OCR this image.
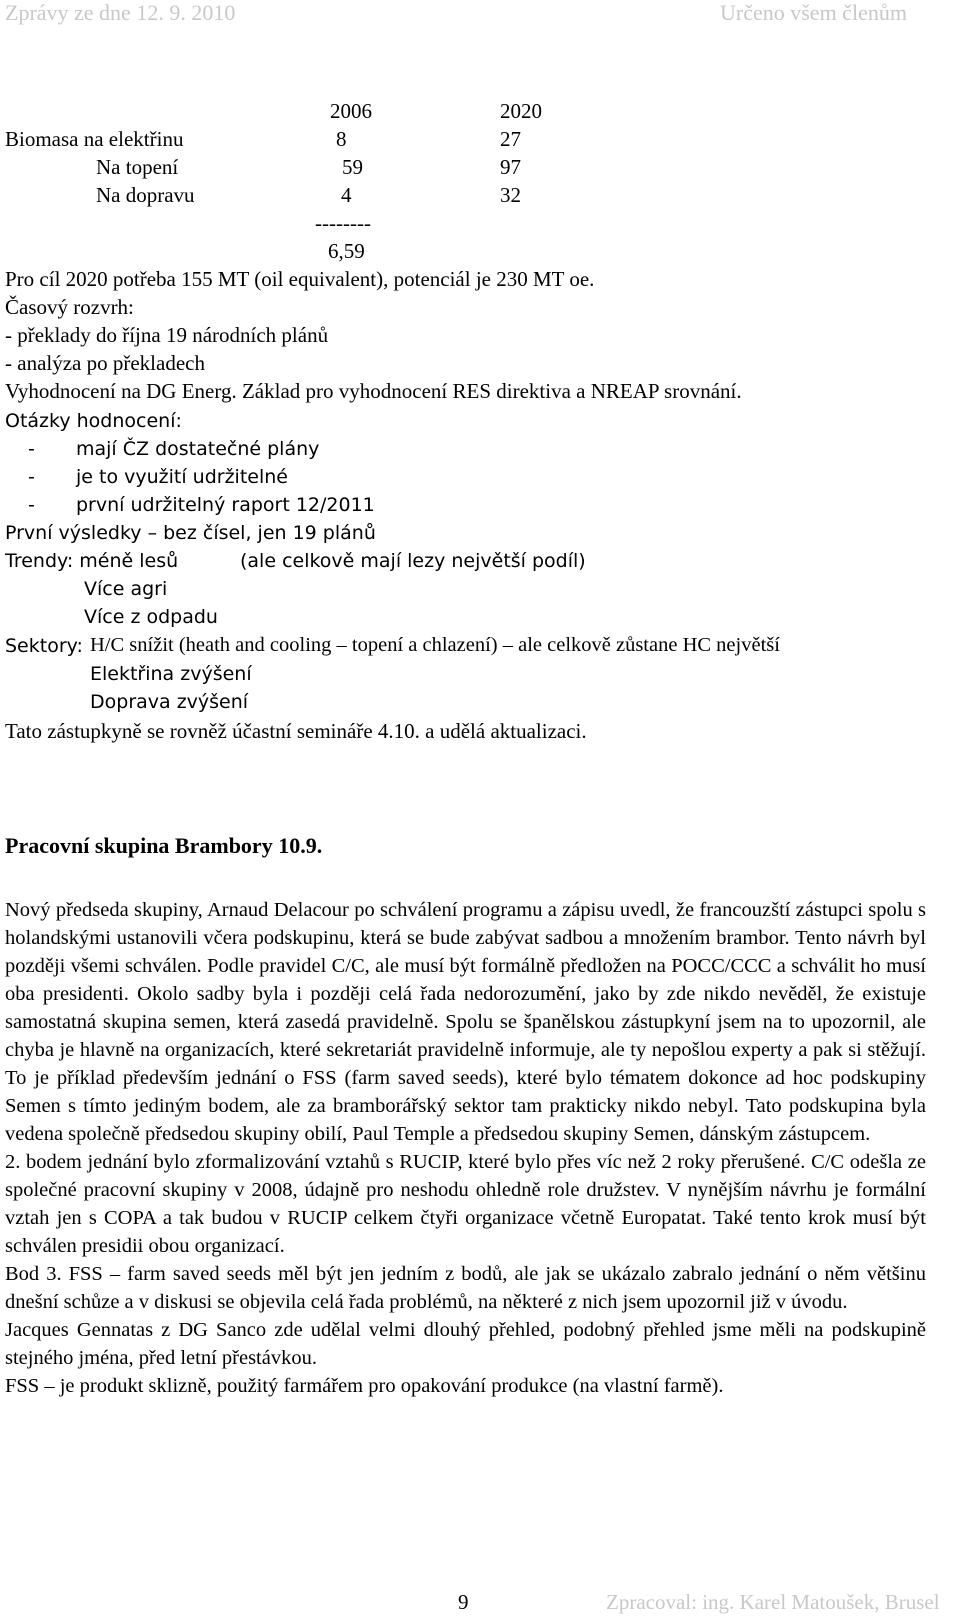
Zprávy ze dne 12. 9. 2010	Určeno všem členům
2006	2020
Biomasa na elektřinu	8	27
Na topení	59	97
Na dopravu	4	32
--------
6,59
Pro cíl 2020 potřeba 155 MT (oil equivalent), potenciál je 230 MT oe.
Časový rozvrh:
- překlady do října 19 národních plánů
- analýza po překladech
Vyhodnocení na DG Energ. Základ pro vyhodnocení RES direktiva a NREAP srovnání.
Otázky hodnocení:
- mají ČZ dostatečné plány
- je to využití udržitelné
- první udržitelný raport 12/2011
První výsledky – bez čísel, jen 19 plánů
Trendy: méně lesů	(ale celkově mají lezy největší podíl)
Více agri
Více z odpadu
Sektory: H/C snížit (heath and cooling – topení a chlazení) – ale celkově zůstane HC největší
Elektřina zvýšení
Doprava zvýšení
Tato zástupkyně se rovněž účastní semináře 4.10. a udělá aktualizaci.
Pracovní skupina Brambory 10.9.

Nový předseda skupiny, Arnaud Delacour po schválení programu a zápisu uvedl, že francouzští zástupci spolu s holandskými ustanovili včera podskupinu, která se bude zabývat sadbou a množením brambor. Tento návrh byl později všemi schválen. Podle pravidel C/C, ale musí být formálně předložen na POCC/CCC a schválit ho musí oba presidenti. Okolo sadby byla i později celá řada nedorozumění, jako by zde nikdo nevěděl, že existuje samostatná skupina semen, která zasedá pravidelně. Spolu se španělskou zástupkyní jsem na to upozornil, ale chyba je hlavně na organizacích, které sekretariát pravidelně informuje, ale ty nepošlou experty a pak si stěžují. To je příklad především jednání o FSS (farm saved seeds), které bylo tématem dokonce ad hoc podskupiny Semen s tímto jediným bodem, ale za bramborářský sektor tam prakticky nikdo nebyl. Tato podskupina byla vedena společně předsedou skupiny obilí, Paul Temple a předsedou skupiny Semen, dánským zástupcem.

2. bodem jednání bylo zformalizování vztahů s RUCIP, které bylo přes víc než 2 roky přerušené. C/C odešla ze společné pracovní skupiny v 2008, údajně pro neshodu ohledně role družstev. V nynějším návrhu je formální vztah jen s COPA a tak budou v RUCIP celkem čtyři organizace včetně Europatat. Také tento krok musí být schválen presidii obou organizací.

Bod 3. FSS – farm saved seeds měl být jen jedním z bodů, ale jak se ukázalo zabralo jednání o něm většinu dnešní schůze a v diskusi se objevila celá řada problémů, na některé z nich jsem upozornil již v úvodu.

Jacques Gennatas z DG Sanco zde udělal velmi dlouhý přehled, podobný přehled jsme měli na podskupině stejného jména, před letní přestávkou.

FSS – je produkt sklizně, použitý farmářem pro opakování produkce (na vlastní farmě).

9	Zpracoval: ing. Karel Matoušek, Brusel
